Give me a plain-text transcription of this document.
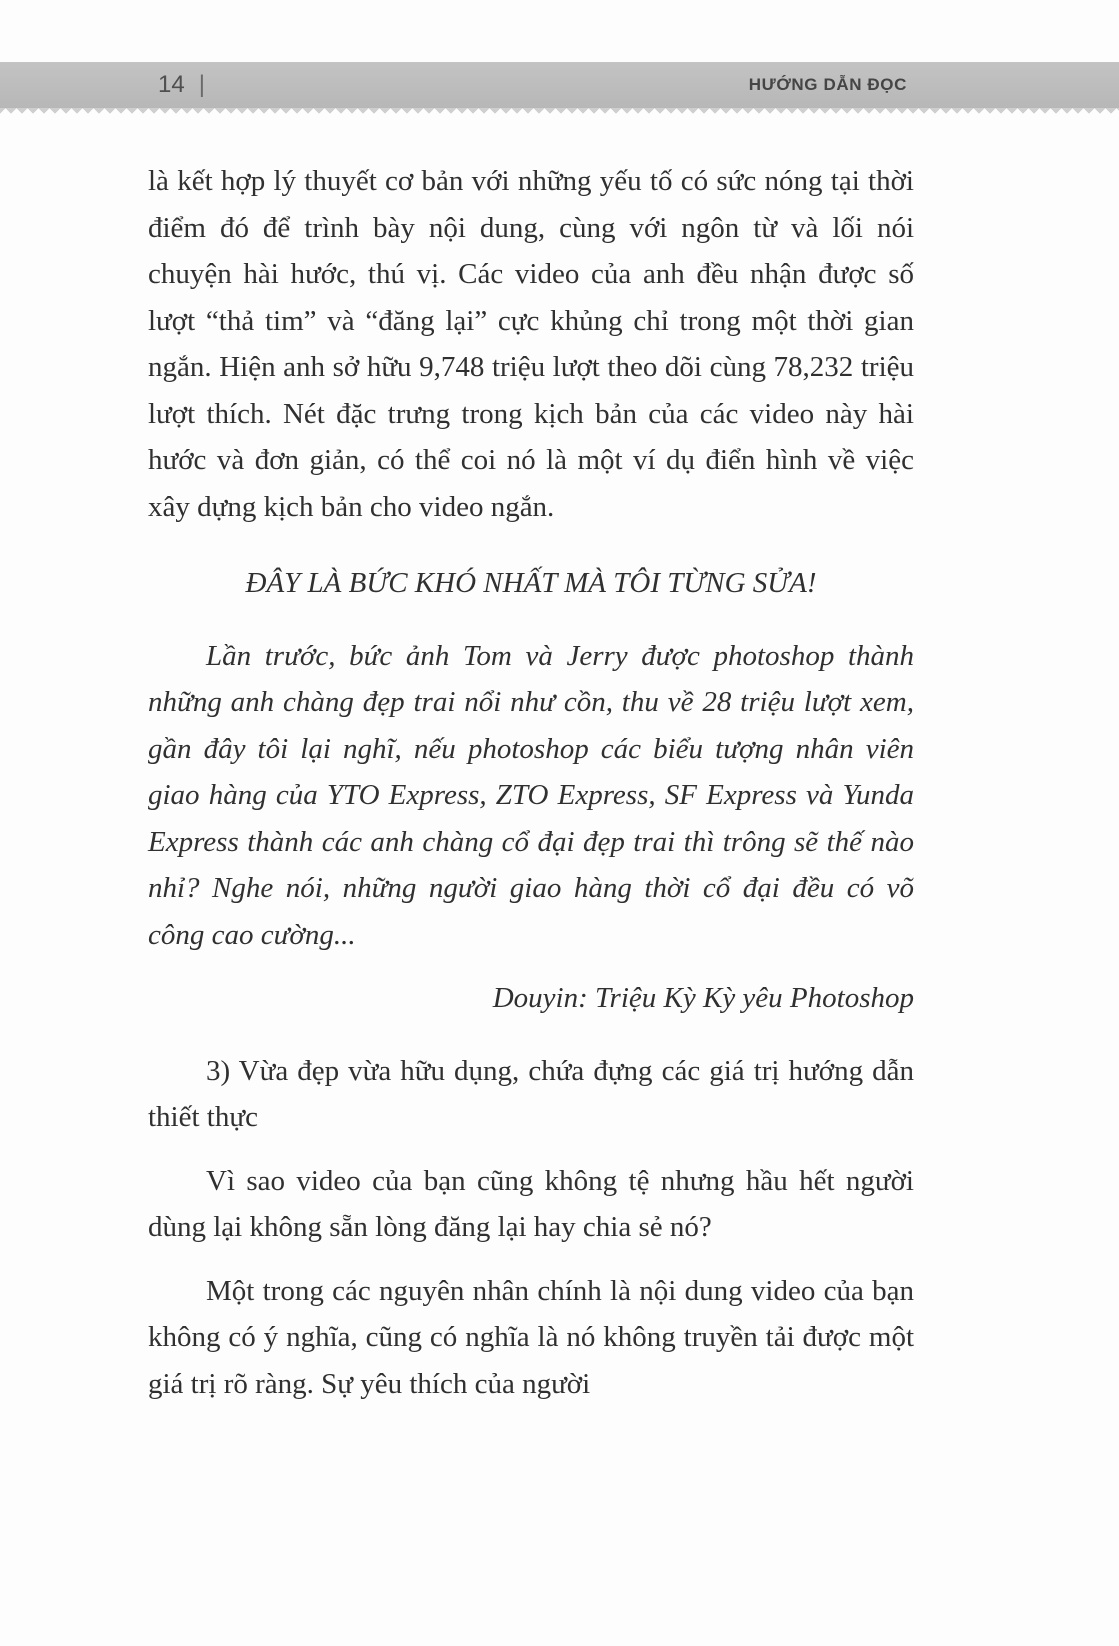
14 |	HƯỚNG DẪN ĐỌC

là kết hợp lý thuyết cơ bản với những yếu tố có sức nóng tại thời điểm đó để trình bày nội dung, cùng với ngôn từ và lối nói chuyện hài hước, thú vị. Các video của anh đều nhận được số lượt “thả tim” và “đăng lại” cực khủng chỉ trong một thời gian ngắn. Hiện anh sở hữu 9,748 triệu lượt theo dõi cùng 78,232 triệu lượt thích. Nét đặc trưng trong kịch bản của các video này hài hước và đơn giản, có thể coi nó là một ví dụ điển hình về việc xây dựng kịch bản cho video ngắn.

ĐÂY LÀ BỨC KHÓ NHẤT MÀ TÔI TỪNG SỬA!

Lần trước, bức ảnh Tom và Jerry được photoshop thành những anh chàng đẹp trai nổi như cồn, thu về 28 triệu lượt xem, gần đây tôi lại nghĩ, nếu photoshop các biểu tượng nhân viên giao hàng của YTO Express, ZTO Express, SF Express và Yunda Express thành các anh chàng cổ đại đẹp trai thì trông sẽ thế nào nhỉ? Nghe nói, những người giao hàng thời cổ đại đều có võ công cao cường...

Douyin: Triệu Kỳ Kỳ yêu Photoshop

3) Vừa đẹp vừa hữu dụng, chứa đựng các giá trị hướng dẫn thiết thực

Vì sao video của bạn cũng không tệ nhưng hầu hết người dùng lại không sẵn lòng đăng lại hay chia sẻ nó?

Một trong các nguyên nhân chính là nội dung video của bạn không có ý nghĩa, cũng có nghĩa là nó không truyền tải được một giá trị rõ ràng. Sự yêu thích của người
